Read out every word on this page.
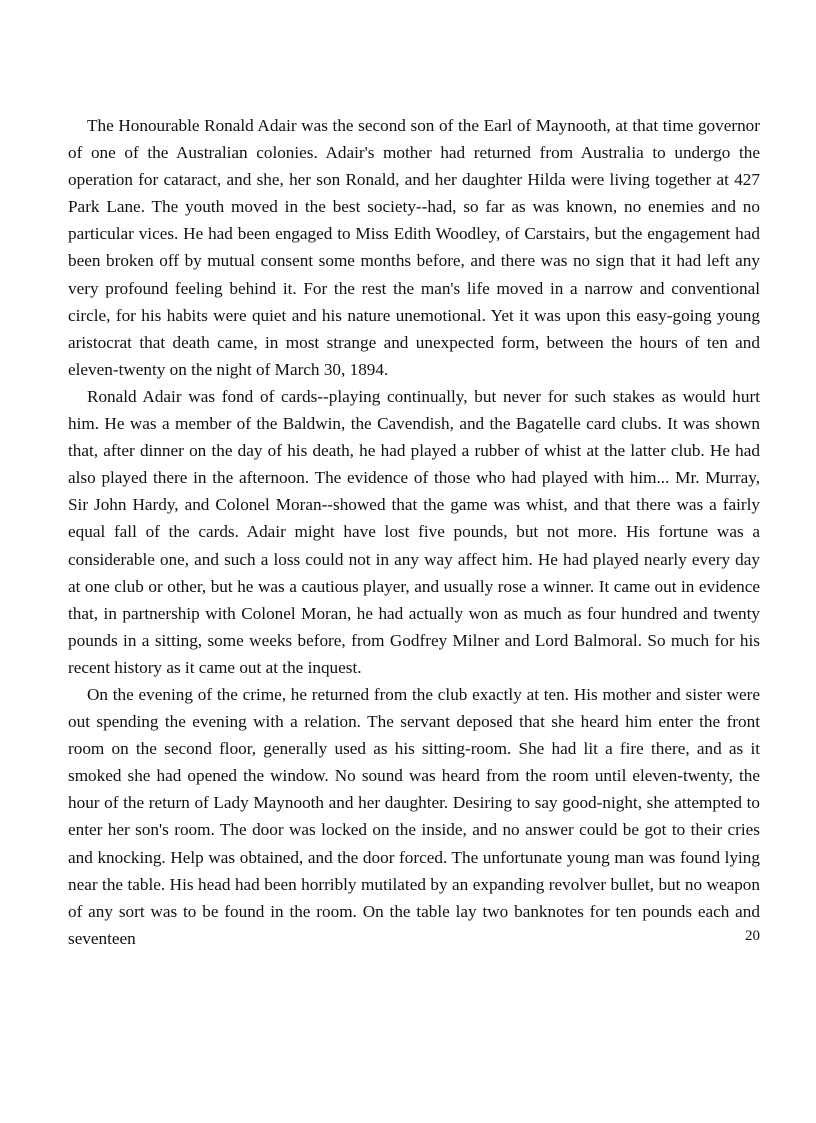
The Honourable Ronald Adair was the second son of the Earl of Maynooth, at that time governor of one of the Australian colonies. Adair's mother had returned from Australia to undergo the operation for cataract, and she, her son Ronald, and her daughter Hilda were living together at 427 Park Lane. The youth moved in the best society--had, so far as was known, no enemies and no particular vices. He had been engaged to Miss Edith Woodley, of Carstairs, but the engagement had been broken off by mutual consent some months before, and there was no sign that it had left any very profound feeling behind it. For the rest the man's life moved in a narrow and conventional circle, for his habits were quiet and his nature unemotional. Yet it was upon this easy-going young aristocrat that death came, in most strange and unexpected form, between the hours of ten and eleven-twenty on the night of March 30, 1894.

Ronald Adair was fond of cards--playing continually, but never for such stakes as would hurt him. He was a member of the Baldwin, the Cavendish, and the Bagatelle card clubs. It was shown that, after dinner on the day of his death, he had played a rubber of whist at the latter club. He had also played there in the afternoon. The evidence of those who had played with him... Mr. Murray, Sir John Hardy, and Colonel Moran--showed that the game was whist, and that there was a fairly equal fall of the cards. Adair might have lost five pounds, but not more. His fortune was a considerable one, and such a loss could not in any way affect him. He had played nearly every day at one club or other, but he was a cautious player, and usually rose a winner. It came out in evidence that, in partnership with Colonel Moran, he had actually won as much as four hundred and twenty pounds in a sitting, some weeks before, from Godfrey Milner and Lord Balmoral. So much for his recent history as it came out at the inquest.

On the evening of the crime, he returned from the club exactly at ten. His mother and sister were out spending the evening with a relation. The servant deposed that she heard him enter the front room on the second floor, generally used as his sitting-room. She had lit a fire there, and as it smoked she had opened the window. No sound was heard from the room until eleven-twenty, the hour of the return of Lady Maynooth and her daughter. Desiring to say good-night, she attempted to enter her son's room. The door was locked on the inside, and no answer could be got to their cries and knocking. Help was obtained, and the door forced. The unfortunate young man was found lying near the table. His head had been horribly mutilated by an expanding revolver bullet, but no weapon of any sort was to be found in the room. On the table lay two banknotes for ten pounds each and seventeen	20
